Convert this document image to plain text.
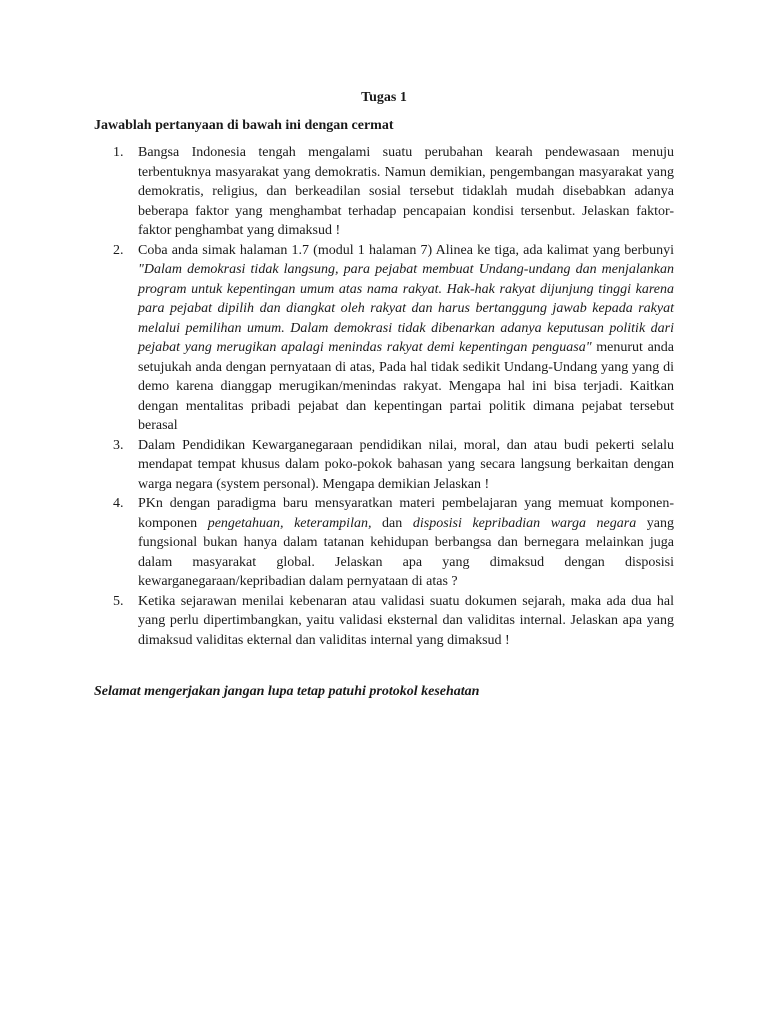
Tugas 1
Jawablah pertanyaan di bawah ini dengan cermat
1. Bangsa Indonesia tengah mengalami suatu perubahan kearah pendewasaan menuju terbentuknya masyarakat yang demokratis. Namun demikian, pengembangan masyarakat yang demokratis, religius, dan berkeadilan sosial tersebut tidaklah mudah disebabkan adanya beberapa faktor yang menghambat terhadap pencapaian kondisi tersenbut. Jelaskan faktor-faktor penghambat yang dimaksud !
2. Coba anda simak halaman 1.7 (modul 1 halaman 7) Alinea ke tiga, ada kalimat yang berbunyi "Dalam demokrasi tidak langsung, para pejabat membuat Undang-undang dan menjalankan program untuk kepentingan umum atas nama rakyat. Hak-hak rakyat dijunjung tinggi karena para pejabat dipilih dan diangkat oleh rakyat dan harus bertanggung jawab kepada rakyat melalui pemilihan umum. Dalam demokrasi tidak dibenarkan adanya keputusan politik dari pejabat yang merugikan apalagi menindas rakyat demi kepentingan penguasa" menurut anda setujukah anda dengan pernyataan di atas, Pada hal tidak sedikit Undang-Undang yang yang di demo karena dianggap merugikan/menindas rakyat. Mengapa hal ini bisa terjadi. Kaitkan dengan mentalitas pribadi pejabat dan kepentingan partai politik dimana pejabat tersebut berasal
3. Dalam Pendidikan Kewarganegaraan pendidikan nilai, moral, dan atau budi pekerti selalu mendapat tempat khusus dalam poko-pokok bahasan yang secara langsung berkaitan dengan warga negara (system personal). Mengapa demikian Jelaskan !
4. PKn dengan paradigma baru mensyaratkan materi pembelajaran yang memuat komponen-komponen pengetahuan, keterampilan, dan disposisi kepribadian warga negara yang fungsional bukan hanya dalam tatanan kehidupan berbangsa dan bernegara melainkan juga dalam masyarakat global. Jelaskan apa yang dimaksud dengan disposisi kewarganegaraan/kepribadian dalam pernyataan di atas ?
5. Ketika sejarawan menilai kebenaran atau validasi suatu dokumen sejarah, maka ada dua hal yang perlu dipertimbangkan, yaitu validasi eksternal dan validitas internal. Jelaskan apa yang dimaksud validitas ekternal dan validitas internal yang dimaksud !
Selamat mengerjakan jangan lupa tetap patuhi protokol kesehatan
